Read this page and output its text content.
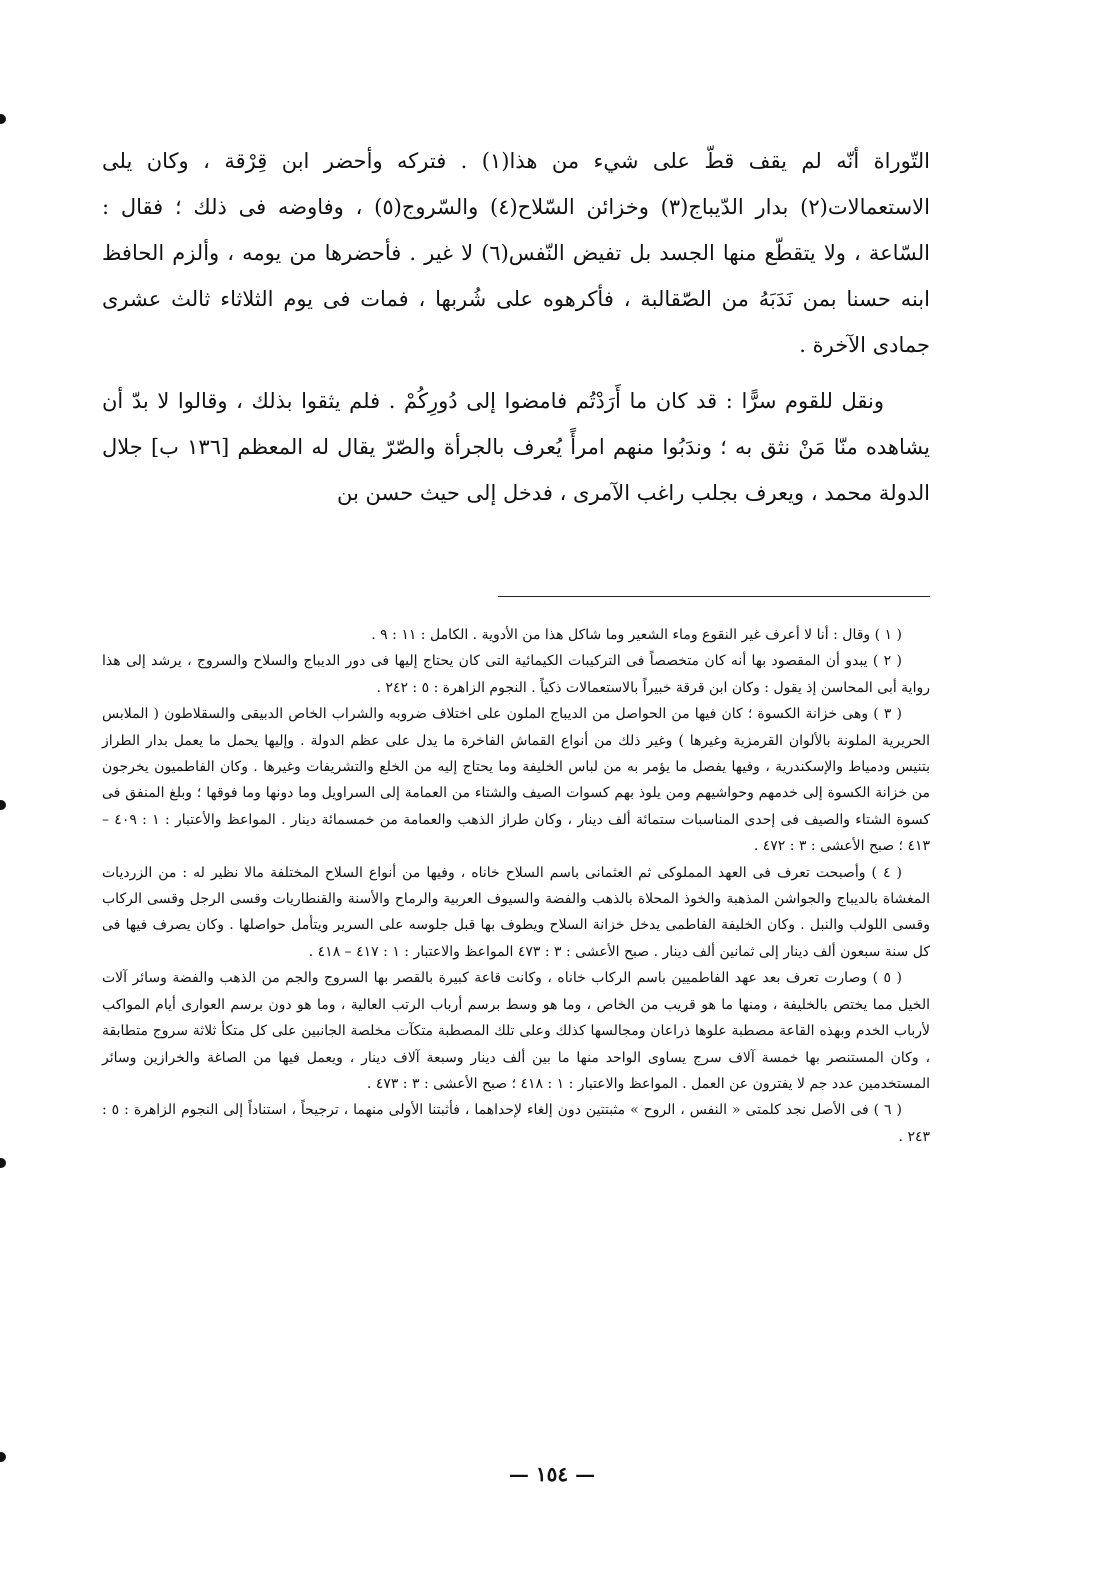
التّوراة أنّه لم يقف قطّ على شيء من هذا(١) . فتركه وأحضر ابن قِرْقة ، وكان يلى الاستعمالات(٢) بدار الدّيباج(٣) وخزائن السّلاح(٤) والسّروج(٥) ، وفاوضه فى ذلك ؛ فقال : السّاعة ، ولا يتقطّع منها الجسد بل تفيض النّفس(٦) لا غير . فأحضرها من يومه ، وألزم الحافظ ابنه حسنا بمن نَدَبَهُ من الصّقالبة ، فأكرهوه على شُربها ، فمات فى يوم الثلاثاء ثالث عشرى جمادى الآخرة .

ونقل للقوم سرًّا : قد كان ما أَرَدْتُم فامضوا إلى دُورِكُمْ . فلم يثقوا بذلك ، وقالوا لا بدّ أن يشاهده منّا مَنْ نثق به ؛ وندَبُوا منهم امرأً يُعرف بالجرأة والصّرّ يقال له المعظم [١٣٦ ب] جلال الدولة محمد ، ويعرف بجلب راغب الآمرى ، فدخل إلى حيث حسن بن

( ١ ) وقال : أنا لا أعرف غير النقوع وماء الشعير وما شاكل هذا من الأدوية . الكامل : ١١ : ٩ .

( ٢ ) يبدو أن المقصود بها أنه كان متخصصاً فى التركيبات الكيمائية التى كان يحتاج إليها فى دور الديباج والسلاح والسروج ، يرشد إلى هذا رواية أبى المحاسن إذ يقول : وكان ابن قرقة خبيراً بالاستعمالات ذكياً . النجوم الزاهرة : ٥ : ٢٤٢ .

( ٣ ) وهى خزانة الكسوة ؛ كان فيها من الحواصل من الديباج الملون على اختلاف ضروبه والشراب الخاص الدبيقى والسقلاطون ( الملابس الحريرية الملونة بالألوان القرمزية وغيرها ) وغير ذلك من أنواع القماش الفاخرة ما يدل على عظم الدولة . وإليها يحمل ما يعمل بدار الطراز بتنيس ودمياط والإسكندرية ، وفيها يفصل ما يؤمر به من لباس الخليفة وما يحتاج إليه من الخلع والتشريفات وغيرها . وكان الفاطميون يخرجون من خزانة الكسوة إلى خدمهم وحواشيهم ومن يلوذ بهم كسوات الصيف والشتاء من العمامة إلى السراويل وما دونها وما فوقها ؛ وبلغ المنفق فى كسوة الشتاء والصيف فى إحدى المناسبات ستمائة ألف دينار ، وكان طراز الذهب والعمامة من خمسمائة دينار . المواعظ والأعتبار : ١ : ٤٠٩ – ٤١٣ ؛ صبح الأعشى : ٣ : ٤٧٢ .

( ٤ ) وأصبحت تعرف فى العهد المملوكى ثم العثمانى باسم السلاح خاناه ، وفيها من أنواع السلاح المختلفة مالا نظير له : من الزرديات المغشاة بالديباج والجواشن المذهبة والخوذ المحلاة بالذهب والفضة والسيوف العربية والرماح والأسنة والقنطاريات وقسى الرجل وقسى الركاب وقسى اللولب والنبل . وكان الخليفة الفاطمى يدخل خزانة السلاح ويطوف بها قبل جلوسه على السرير ويتأمل حواصلها . وكان يصرف فيها فى كل سنة سبعون ألف دينار إلى ثمانين ألف دينار . صبح الأعشى : ٣ : ٤٧٣ المواعظ والاعتبار : ١ : ٤١٧ – ٤١٨ .

( ٥ ) وصارت تعرف بعد عهد الفاطميين باسم الركاب خاناه ، وكانت قاعة كبيرة بالقصر بها السروج والجم من الذهب والفضة وسائر آلات الخيل مما يختص بالخليفة ، ومنها ما هو قريب من الخاص ، وما هو وسط برسم أرباب الرتب العالية ، وما هو دون برسم العوارى أيام المواكب لأرباب الخدم وبهذه القاعة مصطبة علوها ذراعان ومجالسها كذلك وعلى تلك المصطبة متكآت مخلصة الجانبين على كل متكأ ثلاثة سروج متطابقة ، وكان المستنصر بها خمسة آلاف سرج يساوى الواحد منها ما بين ألف دينار وسبعة آلاف دينار ، ويعمل فيها من الصاغة والخرازين وسائر المستخدمين عدد جم لا يفترون عن العمل . المواعظ والاعتبار : ١ : ٤١٨ ؛ صبح الأعشى : ٣ : ٤٧٣ .

( ٦ ) فى الأصل نجد كلمتى « النفس ، الروح » مثبتتين دون إلغاء لإحداهما ، فأثبتنا الأولى منهما ، ترجيحاً ، استناداً إلى النجوم الزاهرة : ٥ : ٢٤٣ .

— ١٥٤ —
